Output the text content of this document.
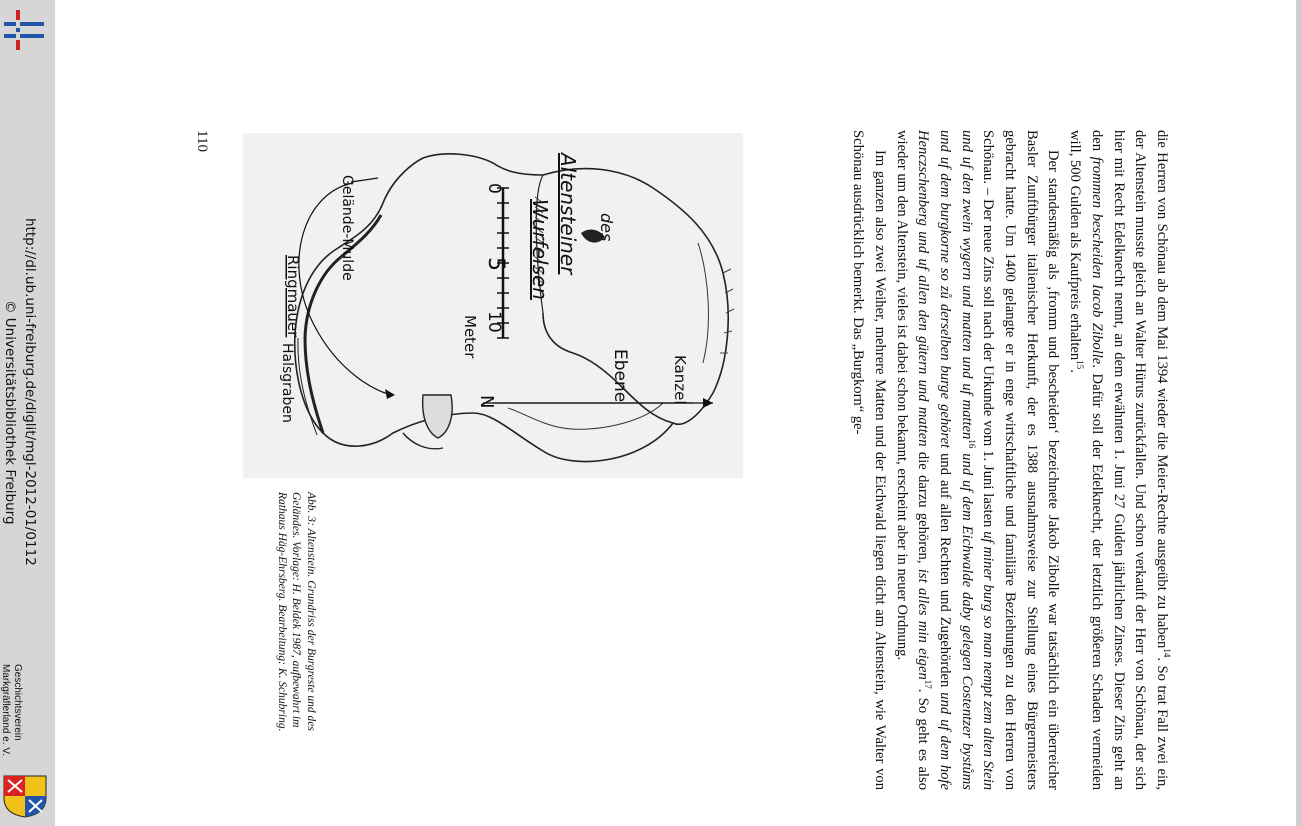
http://dl.ub.uni-freiburg.de/diglit/mgl-2012-01/0112
© Universitätsbibliothek Freiburg
Geschichtsverein
Markgräflerland e. V.

die Herren von Schönau ab dem Mai 1394 wieder die Meier-Rechte ausgeübt zu haben$^{14}$. So trat Fall zwei ein, der Altenstein musste gleich an Walter Hürus zurückfallen. Und schon verkauft der Herr von Schönau, der sich hier mit Recht Edelknecht nennt, an dem erwähnten 1. Juni 27 Gulden jährlichen Zinses. Dieser Zins geht an den frommen bescheiden Iacob Zibolle. Dafür soll der Edelknecht, der letztlich größeren Schaden vermeiden will, 500 Gulden als Kaufpreis erhalten$^{15}$.

Der standesmäßig als ‚fromm und bescheiden‘ bezeichnete Jakob Zibolle war tatsächlich ein überreicher Basler Zunftbürger italienischer Herkunft, der es 1388 ausnahmsweise zur Stellung eines Bürgermeisters gebracht hatte. Um 1400 gelangte er in enge wirtschaftliche und familiäre Beziehungen zu den Herren von Schönau. – Der neue Zins soll nach der Urkunde vom 1. Juni lasten uf miner burg so man nempt zem alten Stein und uf den zwein wygern und matten und uf matten$^{16}$ und uf dem Eichwalde daby gelegen Costentzer bystůms und uf dem burgkorne so zů derselben burge gehöret und auf allen Rechten und Zugehörden und uf dem hofe Henczschenberg und uf allen den gütern und matten die darzu gehören, ist alles min eigen$^{17}$. So geht es also wieder um den Altenstein, vieles ist dabei schon bekannt, erscheint aber in neuer Ordnung.

Im ganzen also zwei Weiher, mehrere Matten und der Eichwald liegen dicht am Altenstein, wie Walter von Schönau ausdrücklich bemerkt. Das „Burgkorn“ ge-

110
des
Altensteiner
Wurfelsen
Kanzel
Ebene
N
0
5
10
Meter
Gelände-Mulde
Ringmauer
Halsgraben
Abb. 3: Altenstein. Grundriss der Burgreste und des Geländes. Vorlage: H. Beldek 1987, aufbewahrt im Rathaus Häg-Ehrsberg. Bearbeitung: K. Schubring.
